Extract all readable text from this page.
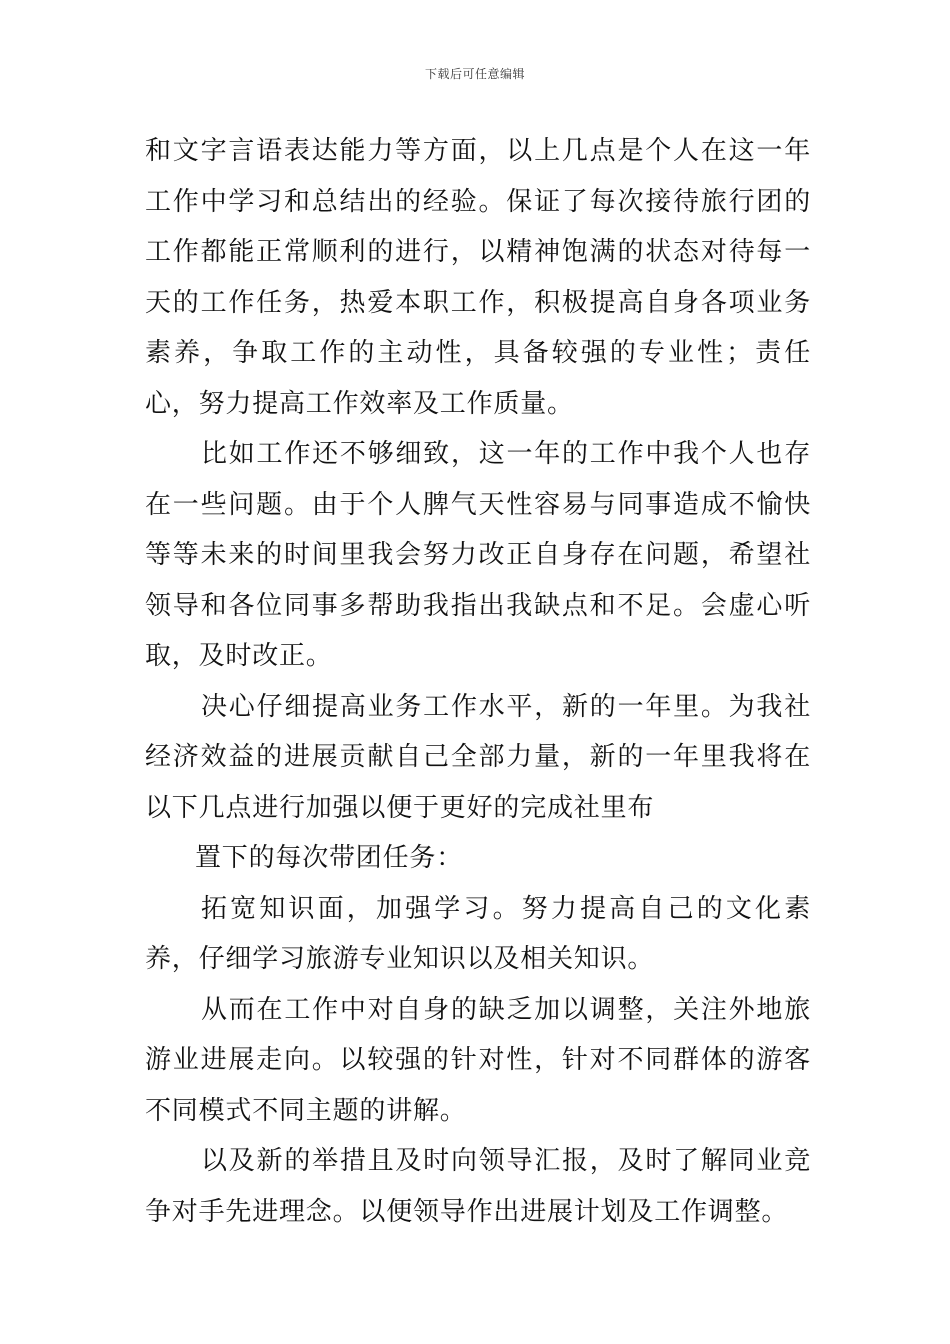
下载后可任意编辑

和文字言语表达能力等方面，以上几点是个人在这一年工作中学习和总结出的经验。保证了每次接待旅行团的工作都能正常顺利的进行，以精神饱满的状态对待每一天的工作任务，热爱本职工作，积极提高自身各项业务素养，争取工作的主动性，具备较强的专业性；责任心，努力提高工作效率及工作质量。

比如工作还不够细致，这一年的工作中我个人也存在一些问题。由于个人脾气天性容易与同事造成不愉快等等未来的时间里我会努力改正自身存在问题，希望社领导和各位同事多帮助我指出我缺点和不足。会虚心听取，及时改正。

决心仔细提高业务工作水平，新的一年里。为我社经济效益的进展贡献自己全部力量，新的一年里我将在以下几点进行加强以便于更好的完成社里布

置下的每次带团任务：

拓宽知识面，加强学习。努力提高自己的文化素养，仔细学习旅游专业知识以及相关知识。

从而在工作中对自身的缺乏加以调整，关注外地旅游业进展走向。以较强的针对性，针对不同群体的游客不同模式不同主题的讲解。

以及新的举措且及时向领导汇报，及时了解同业竞争对手先进理念。以便领导作出进展计划及工作调整。
